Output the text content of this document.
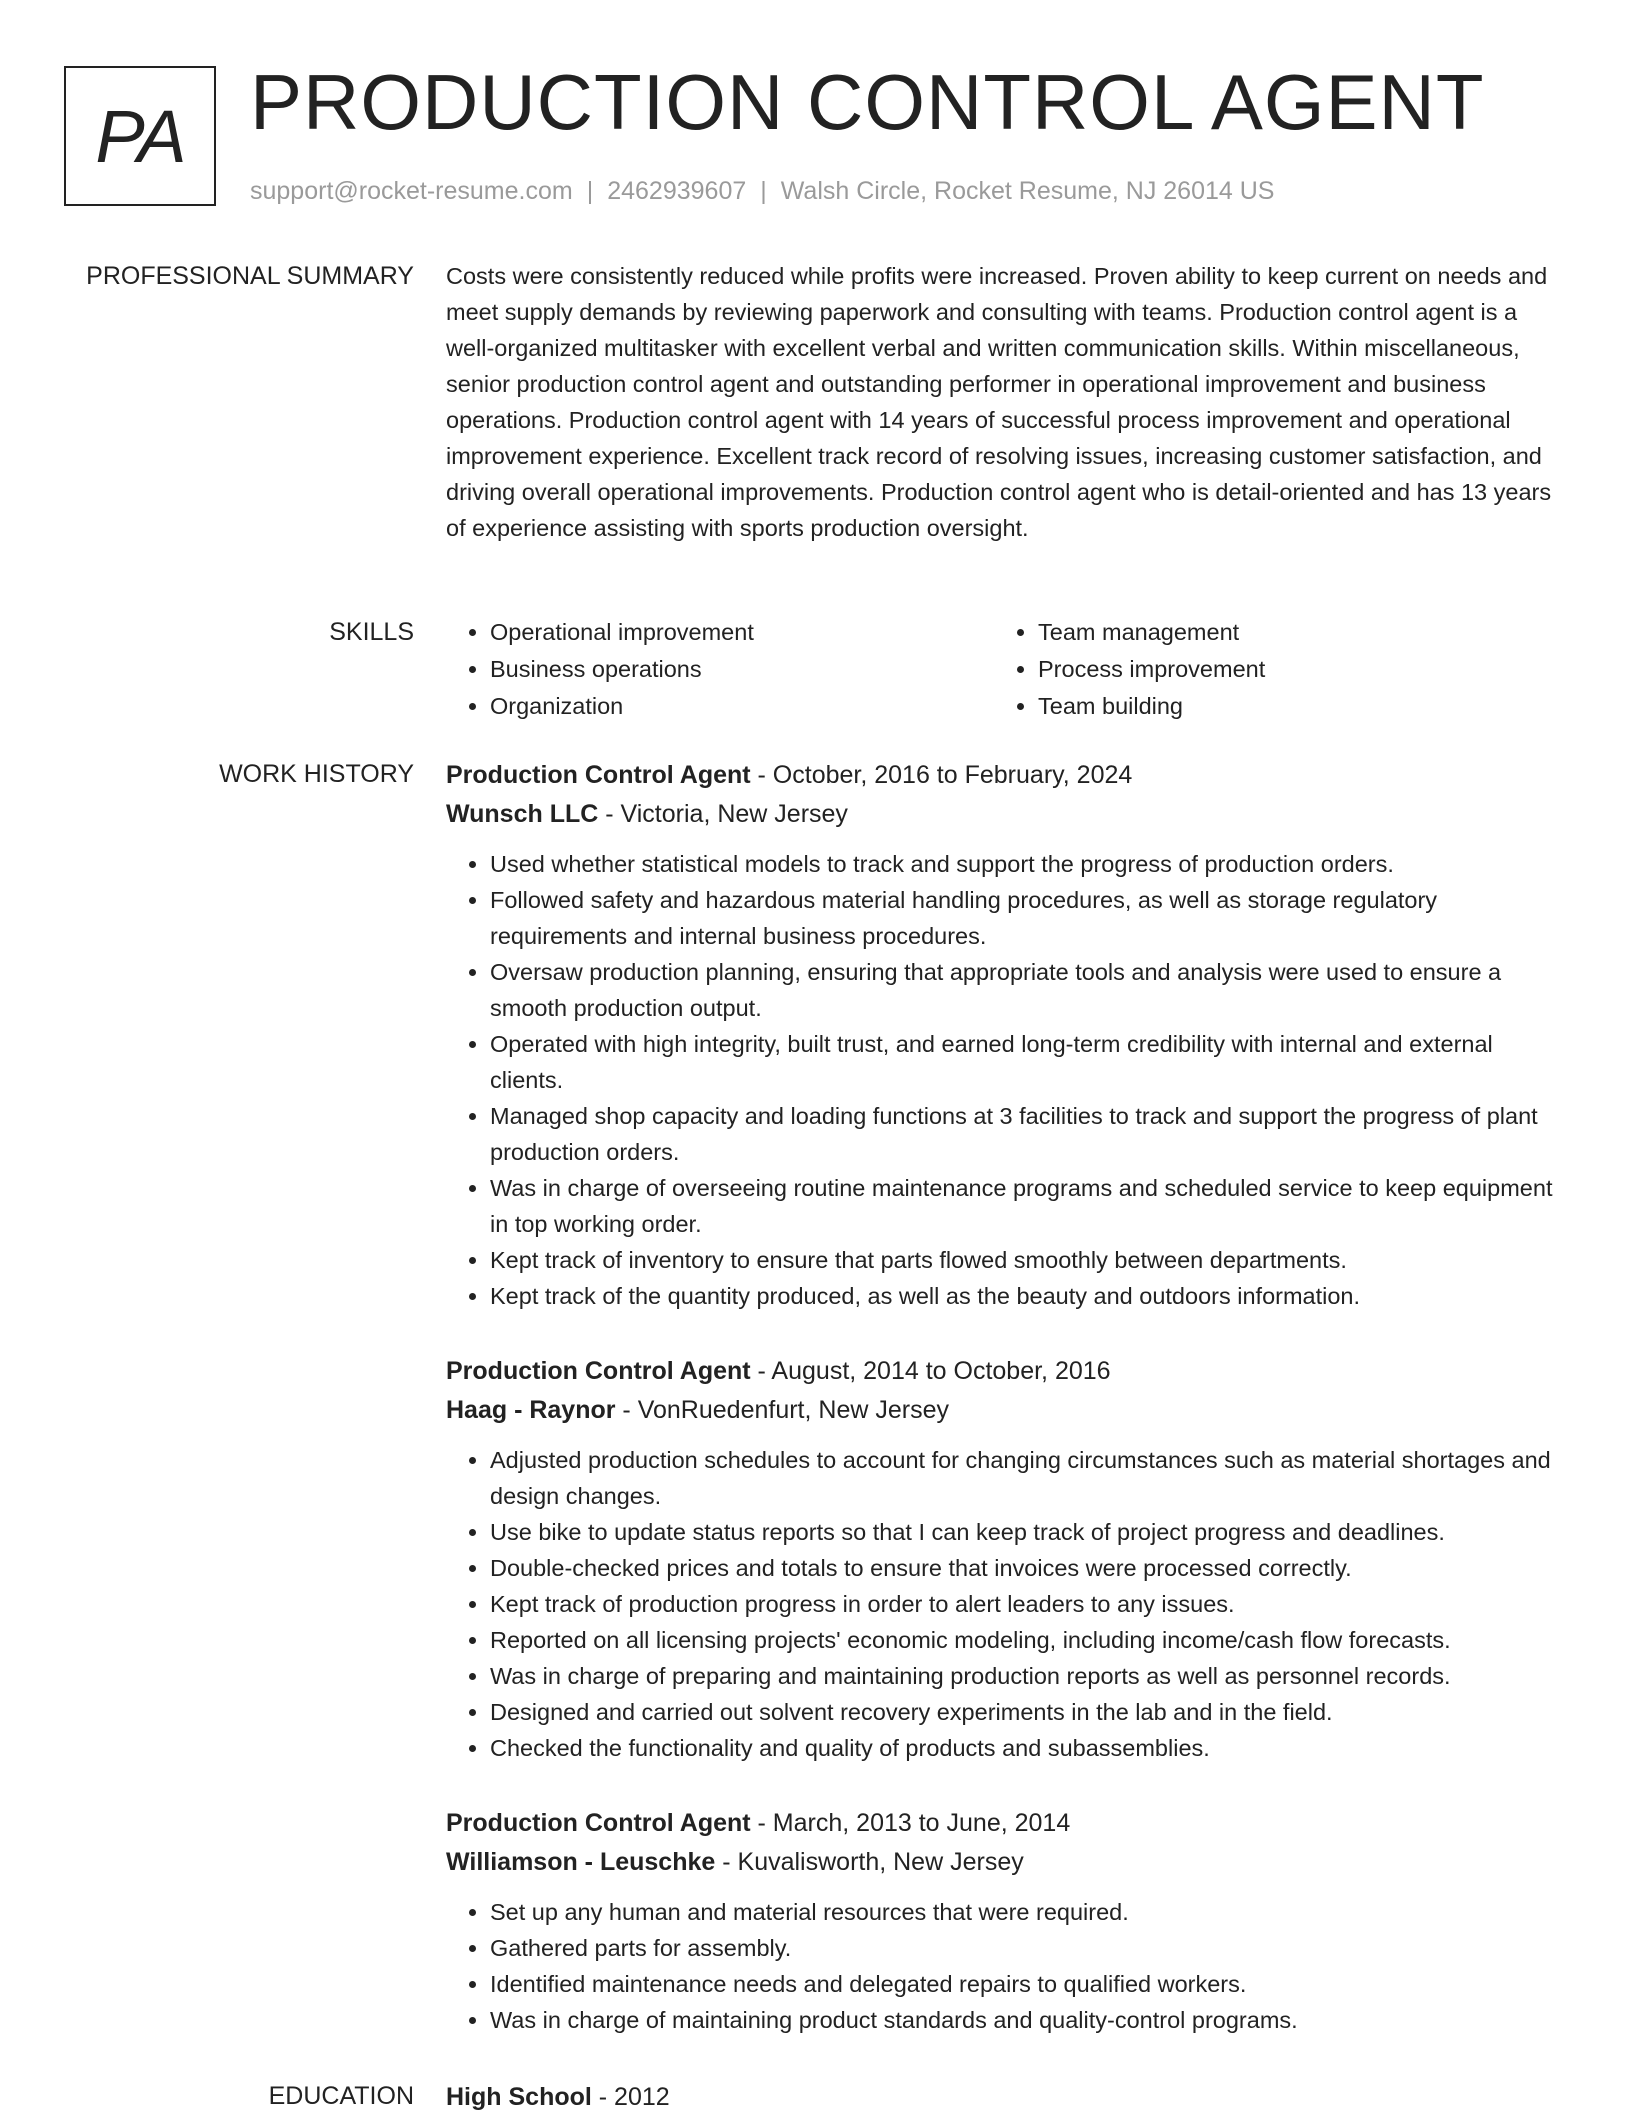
PA PRODUCTION CONTROL AGENT
support@rocket-resume.com | 2462939607 | Walsh Circle, Rocket Resume, NJ 26014 US
PROFESSIONAL SUMMARY Costs were consistently reduced while profits were increased. Proven ability to keep current on needs and meet supply demands by reviewing paperwork and consulting with teams. Production control agent is a well-organized multitasker with excellent verbal and written communication skills. Within miscellaneous, senior production control agent and outstanding performer in operational improvement and business operations. Production control agent with 14 years of successful process improvement and operational improvement experience. Excellent track record of resolving issues, increasing customer satisfaction, and driving overall operational improvements. Production control agent who is detail-oriented and has 13 years of experience assisting with sports production oversight.

SKILLS
•	Operational improvement
• Business operations
• Organization
• Team management
• Process improvement
• Team building
WORK HISTORY Production Control Agent - October, 2016 to February, 2024

Wunsch LLC - Victoria, New Jersey

• Used whether statistical models to track and support the progress of production orders.
• Followed safety and hazardous material handling procedures, as well as storage regulatory requirements and internal business procedures.
• Oversaw production planning, ensuring that appropriate tools and analysis were used to ensure a smooth production output.
• Operated with high integrity, built trust, and earned long-term credibility with internal and external clients.
• Managed shop capacity and loading functions at 3 facilities to track and support the progress of plant production orders.
• Was in charge of overseeing routine maintenance programs and scheduled service to keep equipment in top working order.
• Kept track of inventory to ensure that parts flowed smoothly between departments.
• Kept track of the quantity produced, as well as the beauty and outdoors information.

Production Control Agent - August, 2014 to October, 2016

Haag - Raynor - VonRuedenfurt, New Jersey

• Adjusted production schedules to account for changing circumstances such as material shortages and design changes.
• Use bike to update status reports so that I can keep track of project progress and deadlines.
• Double-checked prices and totals to ensure that invoices were processed correctly.
• Kept track of production progress in order to alert leaders to any issues.
• Reported on all licensing projects' economic modeling, including income/cash flow forecasts.
• Was in charge of preparing and maintaining production reports as well as personnel records.
• Designed and carried out solvent recovery experiments in the lab and in the field.
• Checked the functionality and quality of products and subassemblies.

Production Control Agent - March, 2013 to June, 2014

Williamson - Leuschke - Kuvalisworth, New Jersey

• Set up any human and material resources that were required.
• Gathered parts for assembly.
• Identified maintenance needs and delegated repairs to qualified workers.
• Was in charge of maintaining product standards and quality-control programs.
EDUCATION High School - 2012
